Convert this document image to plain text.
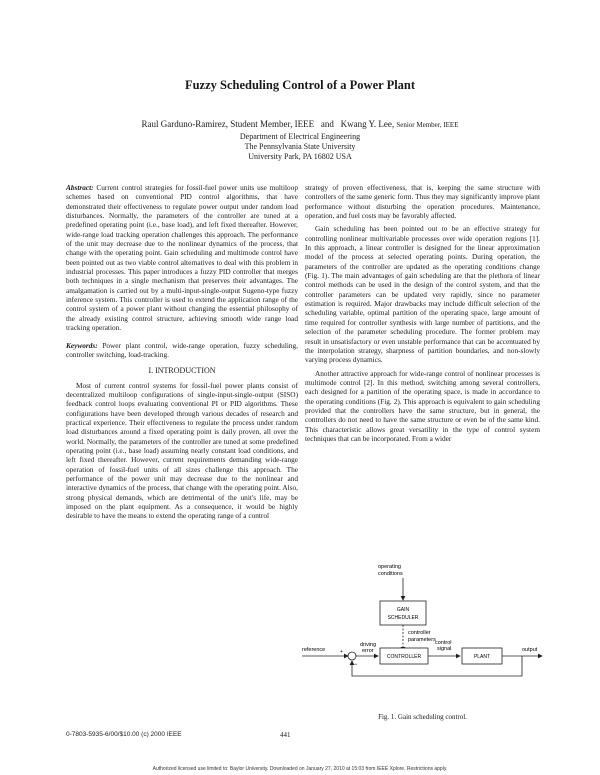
Fuzzy Scheduling Control of a Power Plant
Raul Garduno-Ramirez, Student Member, IEEE and Kwang Y. Lee, Senior Member, IEEE
Department of Electrical Engineering
The Pennsylvania State University
University Park, PA 16802 USA

Abstract: Current control strategies for fossil-fuel power units use multiloop schemes based on conventional PID control algorithms, that have demonstrated their effectiveness to regulate power output under random load disturbances. Normally, the parameters of the controller are tuned at a predefined operating point (i.e., base load), and left fixed thereafter. However, wide-range load tracking operation challenges this approach. The performance of the unit may decrease due to the nonlinear dynamics of the process, that change with the operating point. Gain scheduling and multimode control have been pointed out as two viable control alternatives to deal with this problem in industrial processes. This paper introduces a fuzzy PID controller that merges both techniques in a single mechanism that preserves their advantages. The amalgamation is carried out by a multi-input-single-output Sugeno-type fuzzy inference system. This controller is used to extend the application range of the control system of a power plant without changing the essential philosophy of the already existing control structure, achieving smooth wide range load tracking operation.

Keywords: Power plant control, wide-range operation, fuzzy scheduling, controller switching, load-tracking.

I. INTRODUCTION

Most of current control systems for fossil-fuel power plants consist of decentralized multiloop configurations of single-input-single-output (SISO) feedback control loops evaluating conventional PI or PID algorithms. These configurations have been developed through various decades of research and practical experience. Their effectiveness to regulate the process under random load disturbances around a fixed operating point is daily proven, all over the world. Normally, the parameters of the controller are tuned at some predefined operating point (i.e., base load) assuming nearly constant load conditions, and left fixed thereafter. However, current requirements demanding wide-range operation of fossil-fuel units of all sizes challenge this approach. The performance of the power unit may decrease due to the nonlinear and interactive dynamics of the process, that change with the operating point. Also, strong physical demands, which are detrimental of the unit's life, may be imposed on the plant equipment. As a consequence, it would be highly desirable to have the means to extend the operating range of a control

strategy of proven effectiveness, that is, keeping the same structure with controllers of the same generic form. Thus they may significantly improve plant performance without disturbing the operation procedures. Maintenance, operation, and fuel costs may be favorably affected.

Gain scheduling has been pointed out to be an effective strategy for controlling nonlinear multivariable processes over wide operation regions [1]. In this approach, a linear controller is designed for the linear approximation model of the process at selected operating points. During operation, the parameters of the controller are updated as the operating conditions change (Fig. 1). The main advantages of gain scheduling are that the plethora of linear control methods can be used in the design of the control system, and that the controller parameters can be updated very rapidly, since no parameter estimation is required. Major drawbacks may include difficult selection of the scheduling variable, optimal partition of the operating space, large amount of time required for controller synthesis with large number of partitions, and the selection of the parameter scheduling procedure. The former problem may result in unsatisfactory or even unstable performance that can be accentuated by the interpolation strategy, sharpness of partition boundaries, and non-slowly varying process dynamics.

Another attractive approach for wide-range control of nonlinear processes is multimode control [2]. In this method, switching among several controllers, each designed for a partition of the operating space, is made in accordance to the operating conditions (Fig. 2). This approach is equivalent to gain scheduling provided that the controllers have the same structure, but in general, the controllers do not need to have the same structure or even be of the same kind. This characteristic allows great versatility in the type of control system techniques that can be incorporated. From a wider

operating
conditions
GAIN
SCHEDULER
controller
parameters
reference	+
−
driving
error
CONTROLLER
control
signal
PLANT
output
Fig. 1. Gain scheduling control.
0-7803-5935-6/00/$10.00 (c) 2000 IEEE	441
Authorized licensed use limited to: Baylor University. Downloaded on January 27, 2010 at 15:03 from IEEE Xplore. Restrictions apply.
